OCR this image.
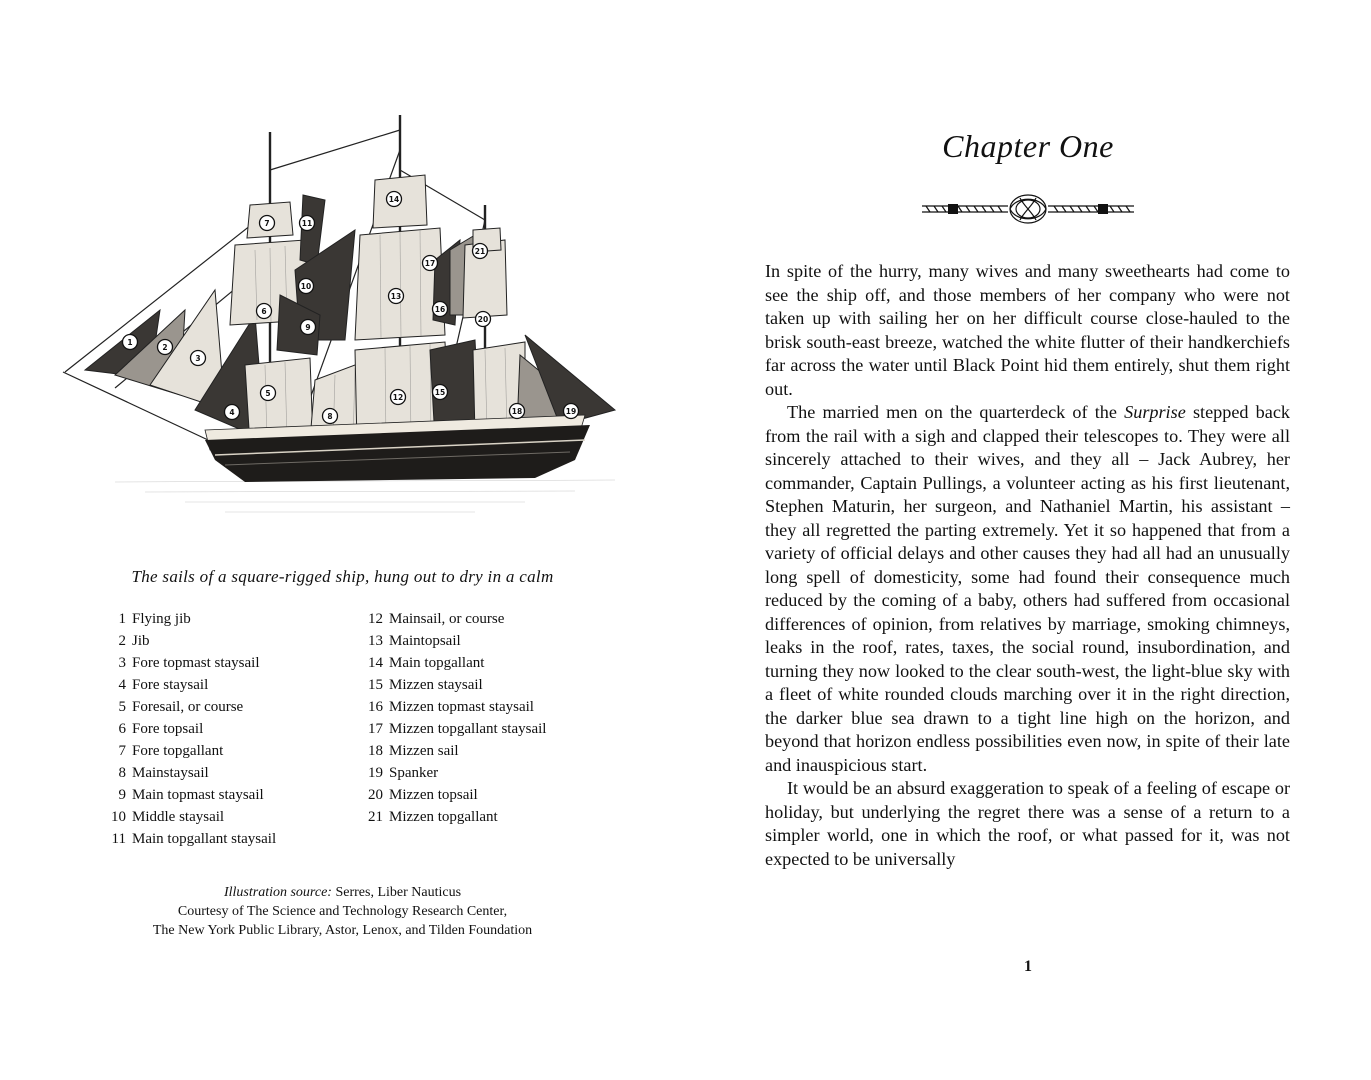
1
2
3
4
5
6
7
8
9
10
11
12
13
14
15
16
17
18	19
20
21
The sails of a square-rigged ship, hung out to dry in a calm
1 Flying jib
2 Jib
3 Fore topmast staysail
4 Fore staysail
5 Foresail, or course
6 Fore topsail
7 Fore topgallant
8 Mainstaysail
9 Main topmast staysail
10 Middle staysail
11 Main topgallant staysail
12 Mainsail, or course
13 Maintopsail
14 Main topgallant
15 Mizzen staysail
16 Mizzen topmast staysail
17 Mizzen topgallant staysail
18 Mizzen sail
19 Spanker
20 Mizzen topsail
21 Mizzen topgallant
Illustration source: Serres, Liber Nauticus
Courtesy of The Science and Technology Research Center,
The New York Public Library, Astor, Lenox, and Tilden Foundation
Chapter One

In spite of the hurry, many wives and many sweethearts had come to see the ship off, and those members of her company who were not taken up with sailing her on her difficult course close-hauled to the brisk south-east breeze, watched the white flutter of their handkerchiefs far across the water until Black Point hid them entirely, shut them right out.

The married men on the quarterdeck of the Surprise stepped back from the rail with a sigh and clapped their telescopes to. They were all sincerely attached to their wives, and they all – Jack Aubrey, her commander, Captain Pullings, a volunteer acting as his first lieutenant, Stephen Maturin, her surgeon, and Nathaniel Martin, his assistant – they all regretted the parting extremely. Yet it so happened that from a variety of official delays and other causes they had all had an unusually long spell of domesticity, some had found their consequence much reduced by the coming of a baby, others had suffered from occasional differences of opinion, from relatives by marriage, smoking chimneys, leaks in the roof, rates, taxes, the social round, insubordination, and turning they now looked to the clear south-west, the light-blue sky with a fleet of white rounded clouds marching over it in the right direction, the darker blue sea drawn to a tight line high on the horizon, and beyond that horizon endless possibilities even now, in spite of their late and inauspicious start.

It would be an absurd exaggeration to speak of a feeling of escape or holiday, but underlying the regret there was a sense of a return to a simpler world, one in which the roof, or what passed for it, was not expected to be universally

1
